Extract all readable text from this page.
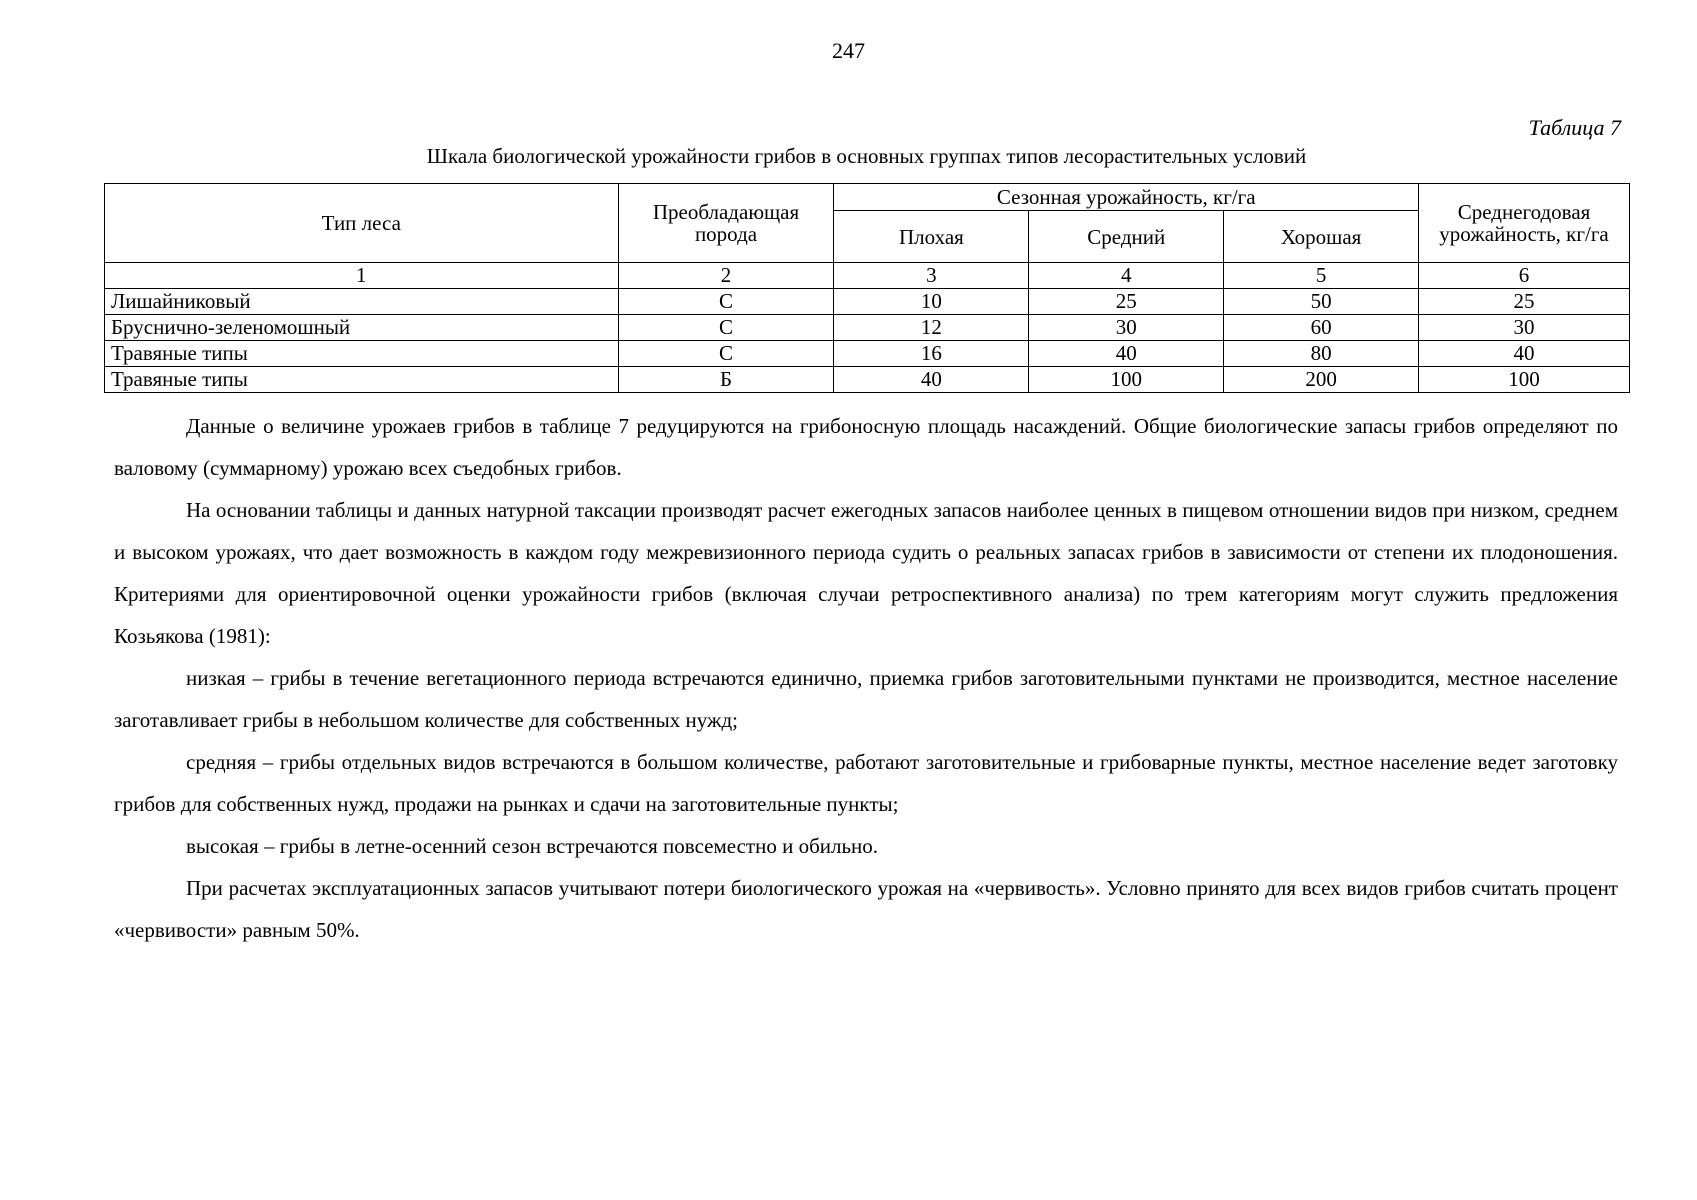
247
Таблица 7
Шкала биологической урожайности грибов в основных группах типов лесорастительных условий
Тип леса	Преобладающая порода	Сезонная урожайность, кг/га			Среднегодовая урожайность, кг/га
		Плохая	Средний	Хорошая	
1	2	3	4	5	6
Лишайниковый	С	10	25	50	25
Бруснично-зеленомошный	С	12	30	60	30
Травяные типы	С	16	40	80	40
Травяные типы	Б	40	100	200	100

Данные о величине урожаев грибов в таблице 7 редуцируются на грибоносную площадь насаждений. Общие биологические запасы грибов определяют по валовому (суммарному) урожаю всех съедобных грибов.

На основании таблицы и данных натурной таксации производят расчет ежегодных запасов наиболее ценных в пищевом отношении видов при низком, среднем и высоком урожаях, что дает возможность в каждом году межревизионного периода судить о реальных запасах грибов в зависимости от степени их плодоношения. Критериями для ориентировочной оценки урожайности грибов (включая случаи ретроспективного анализа) по трем категориям могут служить предложения Козьякова (1981):

низкая – грибы в течение вегетационного периода встречаются единично, приемка грибов заготовительными пунктами не производится, местное население заготавливает грибы в небольшом количестве для собственных нужд;

средняя – грибы отдельных видов встречаются в большом количестве, работают заготовительные и грибоварные пункты, местное население ведет заготовку грибов для собственных нужд, продажи на рынках и сдачи на заготовительные пункты;

высокая – грибы в летне-осенний сезон встречаются повсеместно и обильно.

При расчетах эксплуатационных запасов учитывают потери биологического урожая на «червивость». Условно принято для всех видов грибов считать процент «червивости» равным 50%.
